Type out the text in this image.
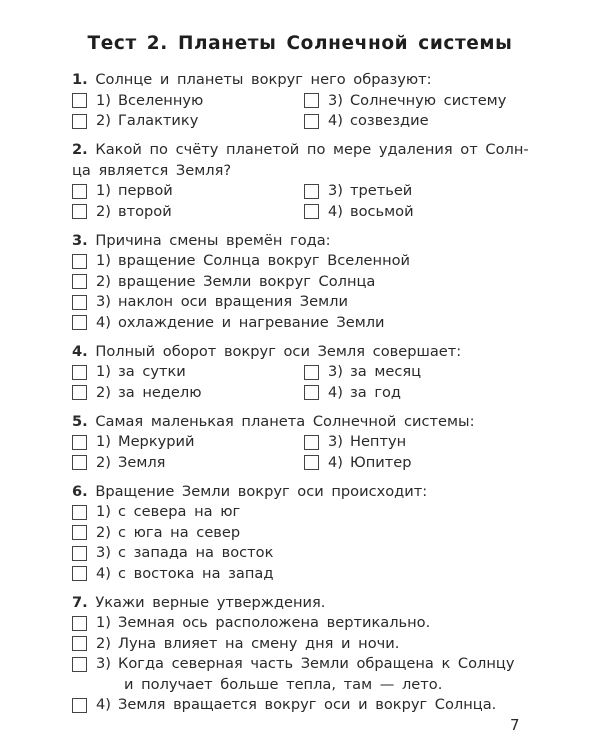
Тест 2. Планеты Солнечной системы
1. Солнце и планеты вокруг него образуют:
1) Вселенную	3) Солнечную систему
2) Галактику	4) созвездие
2. Какой по счёту планетой по мере удаления от Солн-
ца является Земля?
1) первой	3) третьей
2) второй	4) восьмой
3. Причина смены времён года:
1) вращение Солнца вокруг Вселенной
2) вращение Земли вокруг Солнца
3) наклон оси вращения Земли
4) охлаждение и нагревание Земли
4. Полный оборот вокруг оси Земля совершает:
1) за сутки	3) за месяц
2) за неделю	4) за год
5. Самая маленькая планета Солнечной системы:
1) Меркурий	3) Нептун
2) Земля	4) Юпитер
6. Вращение Земли вокруг оси происходит:
1) с севера на юг
2) с юга на север
3) с запада на восток
4) с востока на запад
7. Укажи верные утверждения.
1) Земная ось расположена вертикально.
2) Луна влияет на смену дня и ночи.
3) Когда северная часть Земли обращена к Солнцу
и получает больше тепла, там — лето.
4) Земля вращается вокруг оси и вокруг Солнца.
7
